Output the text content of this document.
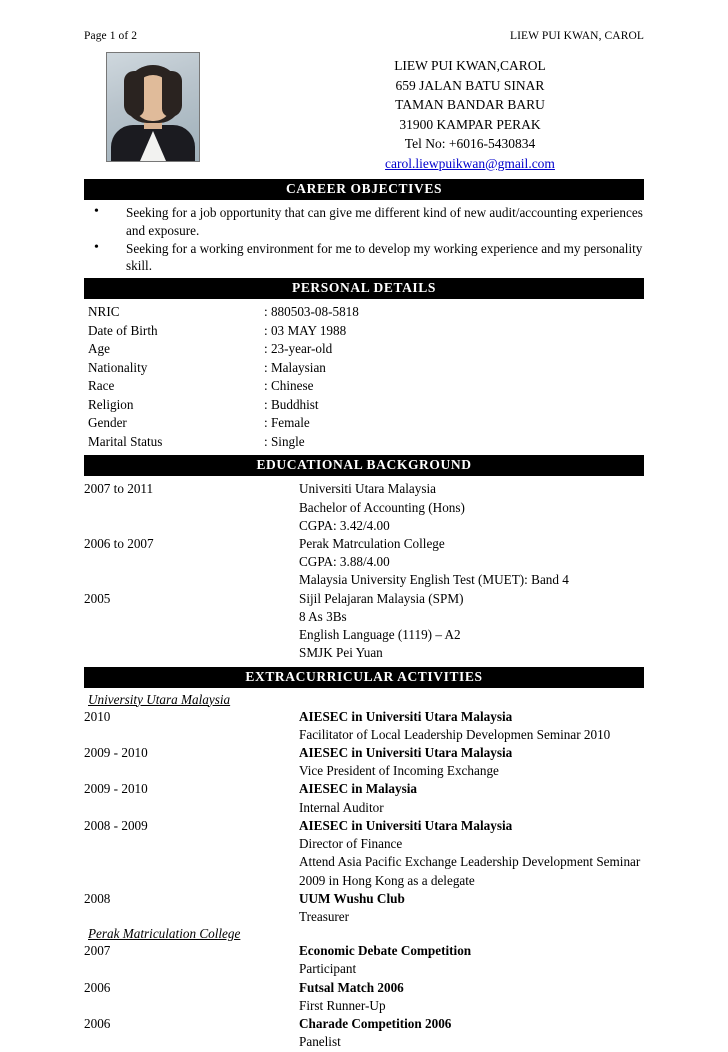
Page 1 of 2	LIEW PUI KWAN, CAROL
LIEW PUI KWAN,CAROL
659 JALAN BATU SINAR
TAMAN BANDAR BARU
31900 KAMPAR PERAK
Tel No: +6016-5430834
carol.liewpuikwan@gmail.com
CAREER OBJECTIVES
• Seeking for a job opportunity that can give me different kind of new audit/accounting experiences and exposure.
• Seeking for a working environment for me to develop my working experience and my personality skill.
PERSONAL DETAILS
NRIC	: 880503-08-5818
Date of Birth	: 03 MAY 1988
Age	: 23-year-old
Nationality	: Malaysian
Race	: Chinese
Religion	: Buddhist
Gender	: Female
Marital Status	: Single
EDUCATIONAL BACKGROUND
2007 to 2011	Universiti Utara Malaysia
Bachelor of Accounting (Hons)
CGPA: 3.42/4.00

2006 to 2007	Perak Matrculation College
CGPA: 3.88/4.00
Malaysia University English Test (MUET): Band 4

2005	Sijil Pelajaran Malaysia (SPM)
8 As 3Bs
English Language (1119) – A2
SMJK Pei Yuan
EXTRACURRICULAR ACTIVITIES
University Utara Malaysia
2010	AIESEC in Universiti Utara Malaysia
Facilitator of Local Leadership Developmen Seminar 2010

2009 - 2010	AIESEC in Universiti Utara Malaysia
Vice President of Incoming Exchange

2009 - 2010	AIESEC in Malaysia
Internal Auditor

2008 - 2009	AIESEC in Universiti Utara Malaysia
Director of Finance
Attend Asia Pacific Exchange Leadership Development Seminar
2009 in Hong Kong as a delegate

2008	UUM Wushu Club
Treasurer
Perak Matriculation College
2007	Economic Debate Competition
Participant

2006	Futsal Match 2006
First Runner-Up

2006	Charade Competition 2006
Panelist
